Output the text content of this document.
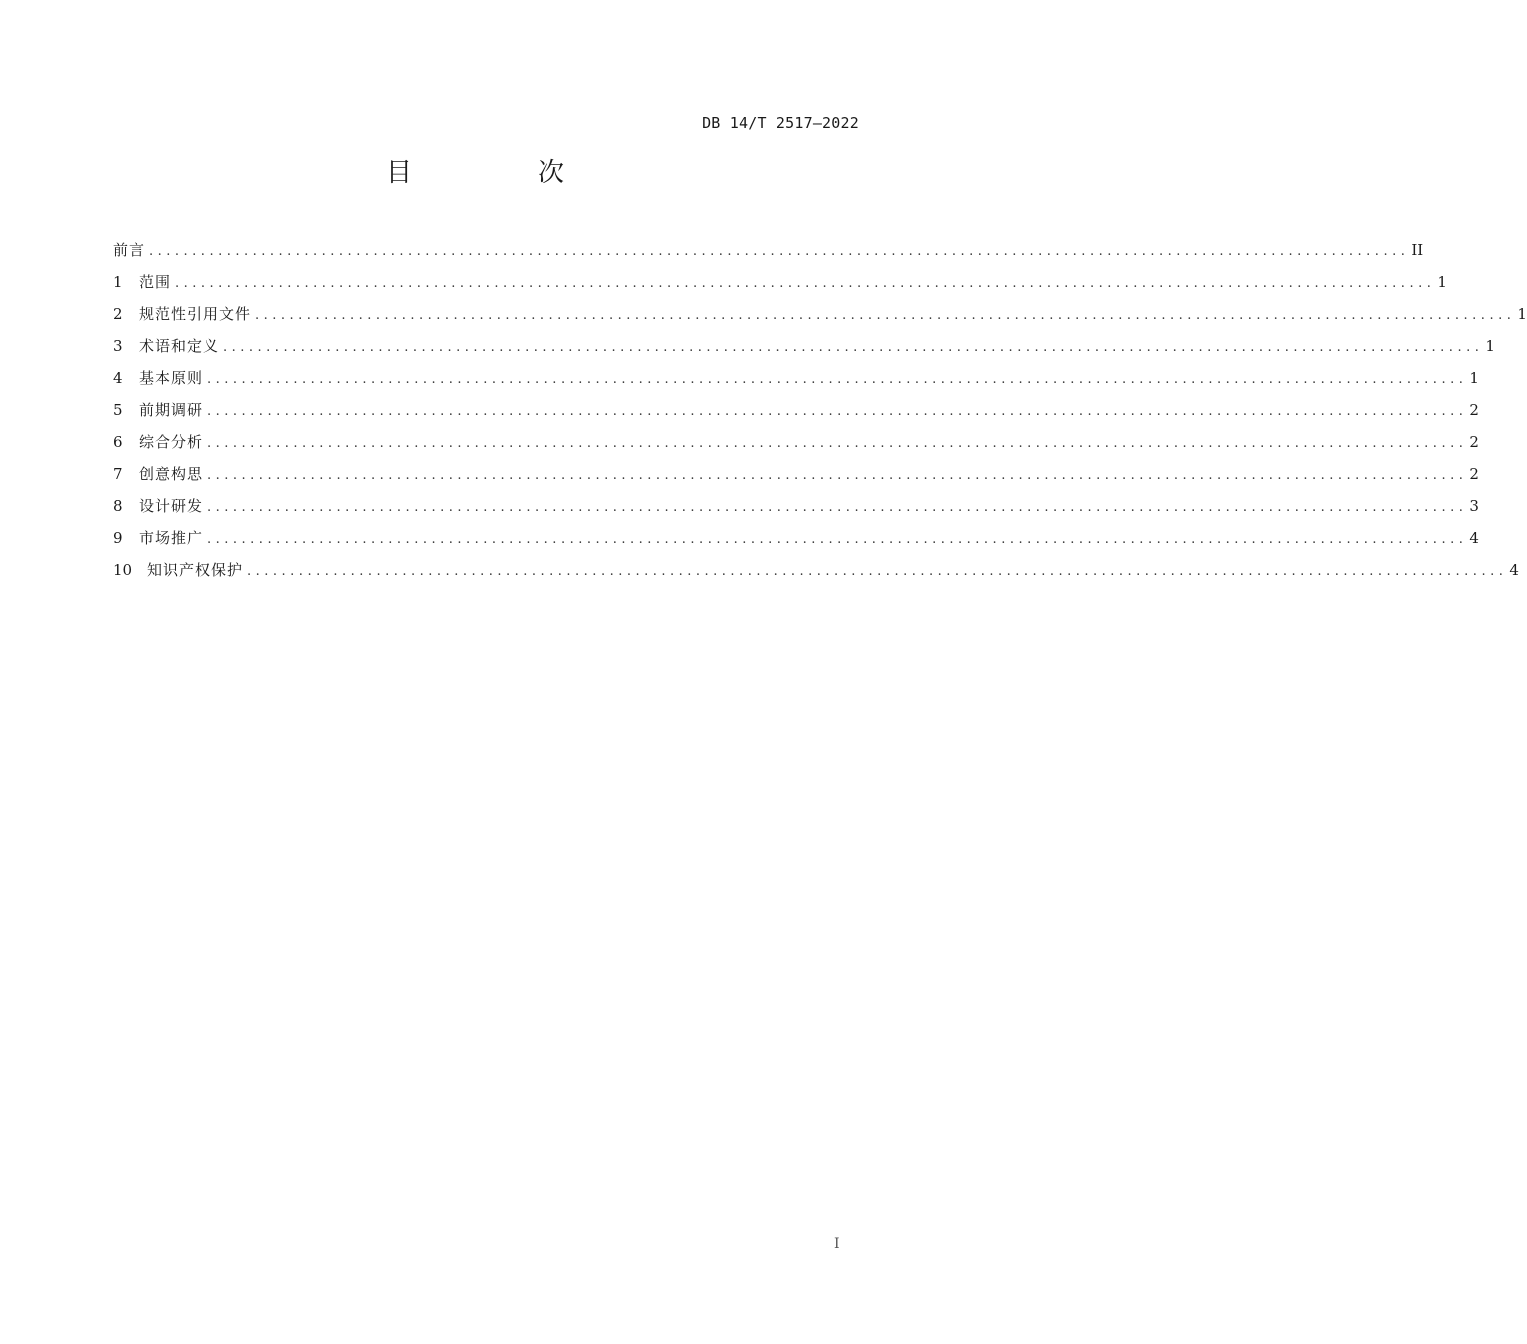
DB 14/T 2517—2022
目　次
前言 .................................................................................................................................................. II
1	范围 .................................................................................................................................................. 1
2	规范性引用文件 .................................................................................................................................................. 1
3	术语和定义 .................................................................................................................................................. 1
4	基本原则 .................................................................................................................................................. 1
5	前期调研 .................................................................................................................................................. 2
6	综合分析 .................................................................................................................................................. 2
7	创意构思 .................................................................................................................................................. 2
8	设计研发 .................................................................................................................................................. 3
9	市场推广 .................................................................................................................................................. 4
10 知识产权保护 .................................................................................................................................................. 4
I
